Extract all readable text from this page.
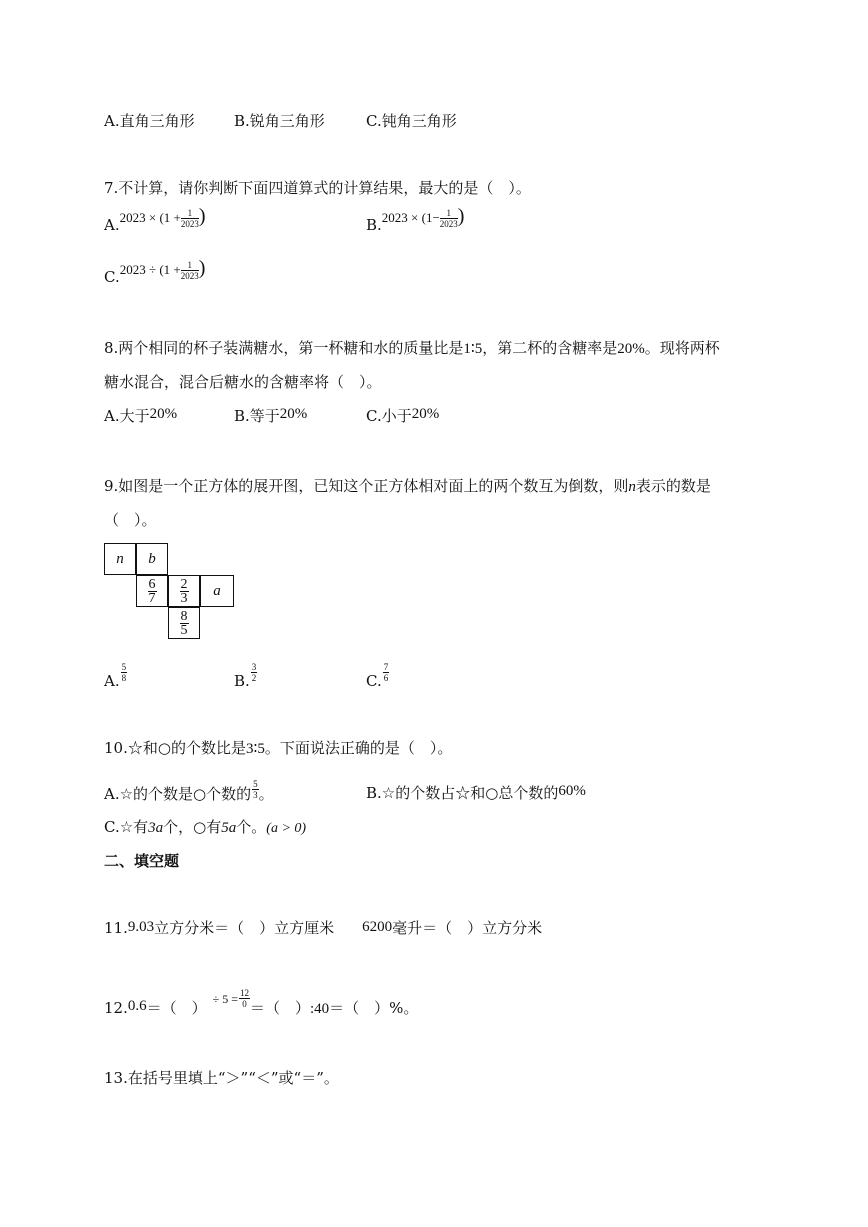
A.直角三角形	B.锐角三角形	C.钝角三角形
7.不计算，请你判断下面四道算式的计算结果，最大的是（　）。
$A.2023 \times (1 + \frac{1}{2023}$ )	$B.2023 \times (1- \frac{1}{2023}$ )
$C.2023 \div (1 + \frac{1}{2023}$ )
8.两个相同的杯子装满糖水，第一杯糖和水的质量比是1∶5，第二杯的含糖率是20%。现将两杯
糖水混合，混合后糖水的含糖率将（　）。
A.大于20%	B.等于20%	C.小于20%
9.如图是一个正方体的展开图，已知这个正方体相对面上的两个数互为倒数，则n表示的数是
（　）。
n	b
$\frac{6}{7} \frac{2}{3}$	a
$\frac{8}{5}$
A. $\frac{5}{8}$	B. $\frac{3}{2}$	C. $\frac{7}{6}$
10.☆和○的个数比是3∶5。下面说法正确的是（　）。
A.☆的个数是○个数的 $\frac{5}{3}$。	B.☆的个数占☆和○总个数的60%
C.☆有3a个，○有5a个。(a > 0)
二、填空题
11.9.03立方分米＝（　）立方厘米 6200毫升＝（　）立方分米
12.0.6＝（　） $^{\div 5 =} \frac{12}{0}=$（　）:40＝（　）%。
13.在括号里填上“＞”“＜”或“＝”。
